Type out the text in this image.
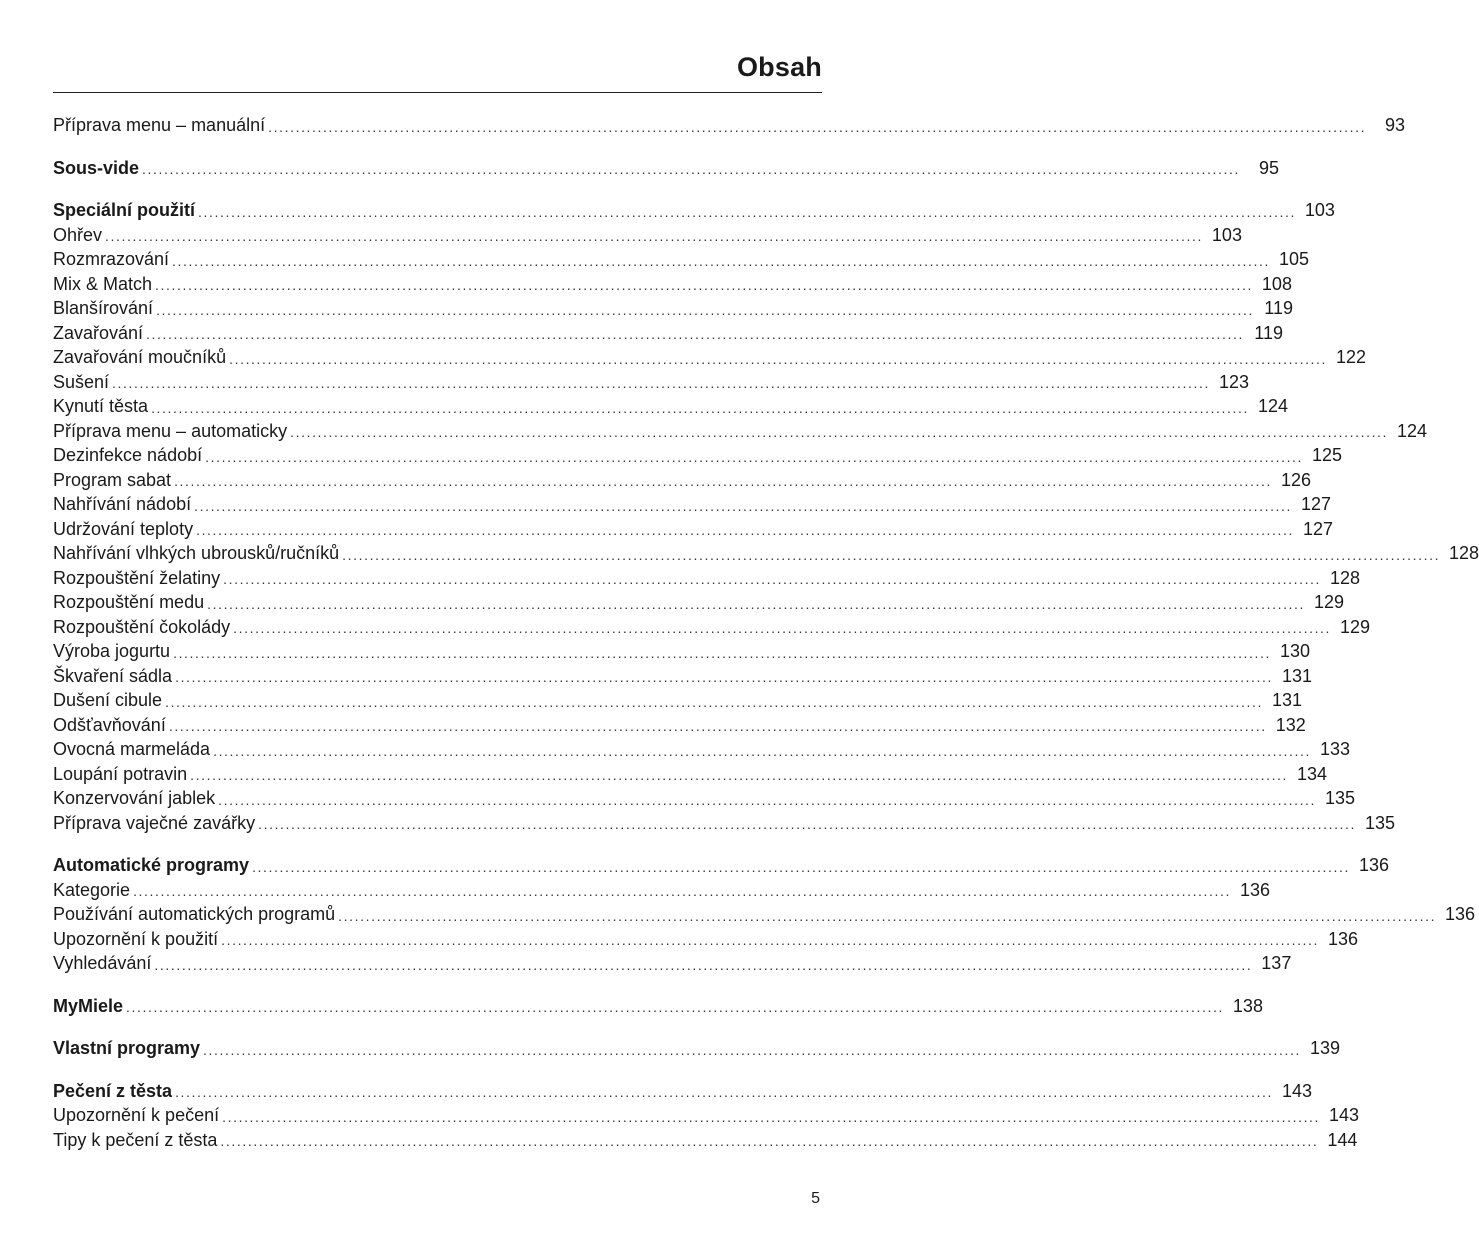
Obsah
Příprava menu – manuální ........................................................................................................................................................................................................	93
Sous-vide ........................................................................................................................................................................................................	95
Speciální použití ........................................................................................................................................................................................................ 103
Ohřev ........................................................................................................................................................................................................ 103
Rozmrazování ........................................................................................................................................................................................................ 105
Mix & Match ........................................................................................................................................................................................................ 108
Blanšírování ........................................................................................................................................................................................................ 119
Zavařování ........................................................................................................................................................................................................ 119
Zavařování moučníků ........................................................................................................................................................................................................ 122
Sušení ........................................................................................................................................................................................................ 123
Kynutí těsta ........................................................................................................................................................................................................ 124
Příprava menu – automaticky ........................................................................................................................................................................................................ 124
Dezinfekce nádobí ........................................................................................................................................................................................................ 125
Program sabat ........................................................................................................................................................................................................ 126
Nahřívání nádobí ........................................................................................................................................................................................................ 127
Udržování teploty ........................................................................................................................................................................................................ 127
Nahřívání vlhkých ubrousků/ručníků ........................................................................................................................................................................................................ 128
Rozpouštění želatiny ........................................................................................................................................................................................................ 128
Rozpouštění medu ........................................................................................................................................................................................................ 129
Rozpouštění čokolády ........................................................................................................................................................................................................ 129
Výroba jogurtu ........................................................................................................................................................................................................ 130
Škvaření sádla ........................................................................................................................................................................................................ 131
Dušení cibule ........................................................................................................................................................................................................ 131
Odšťavňování ........................................................................................................................................................................................................ 132
Ovocná marmeláda ........................................................................................................................................................................................................ 133
Loupání potravin ........................................................................................................................................................................................................ 134
Konzervování jablek ........................................................................................................................................................................................................ 135
Příprava vaječné zavářky ........................................................................................................................................................................................................ 135
Automatické programy ........................................................................................................................................................................................................ 136
Kategorie ........................................................................................................................................................................................................ 136
Používání automatických programů ........................................................................................................................................................................................................ 136
Upozornění k použití ........................................................................................................................................................................................................ 136
Vyhledávání ........................................................................................................................................................................................................ 137
MyMiele ........................................................................................................................................................................................................ 138
Vlastní programy ........................................................................................................................................................................................................ 139
Pečení z těsta ........................................................................................................................................................................................................ 143
Upozornění k pečení ........................................................................................................................................................................................................ 143
Tipy k pečení z těsta ........................................................................................................................................................................................................ 144
5
